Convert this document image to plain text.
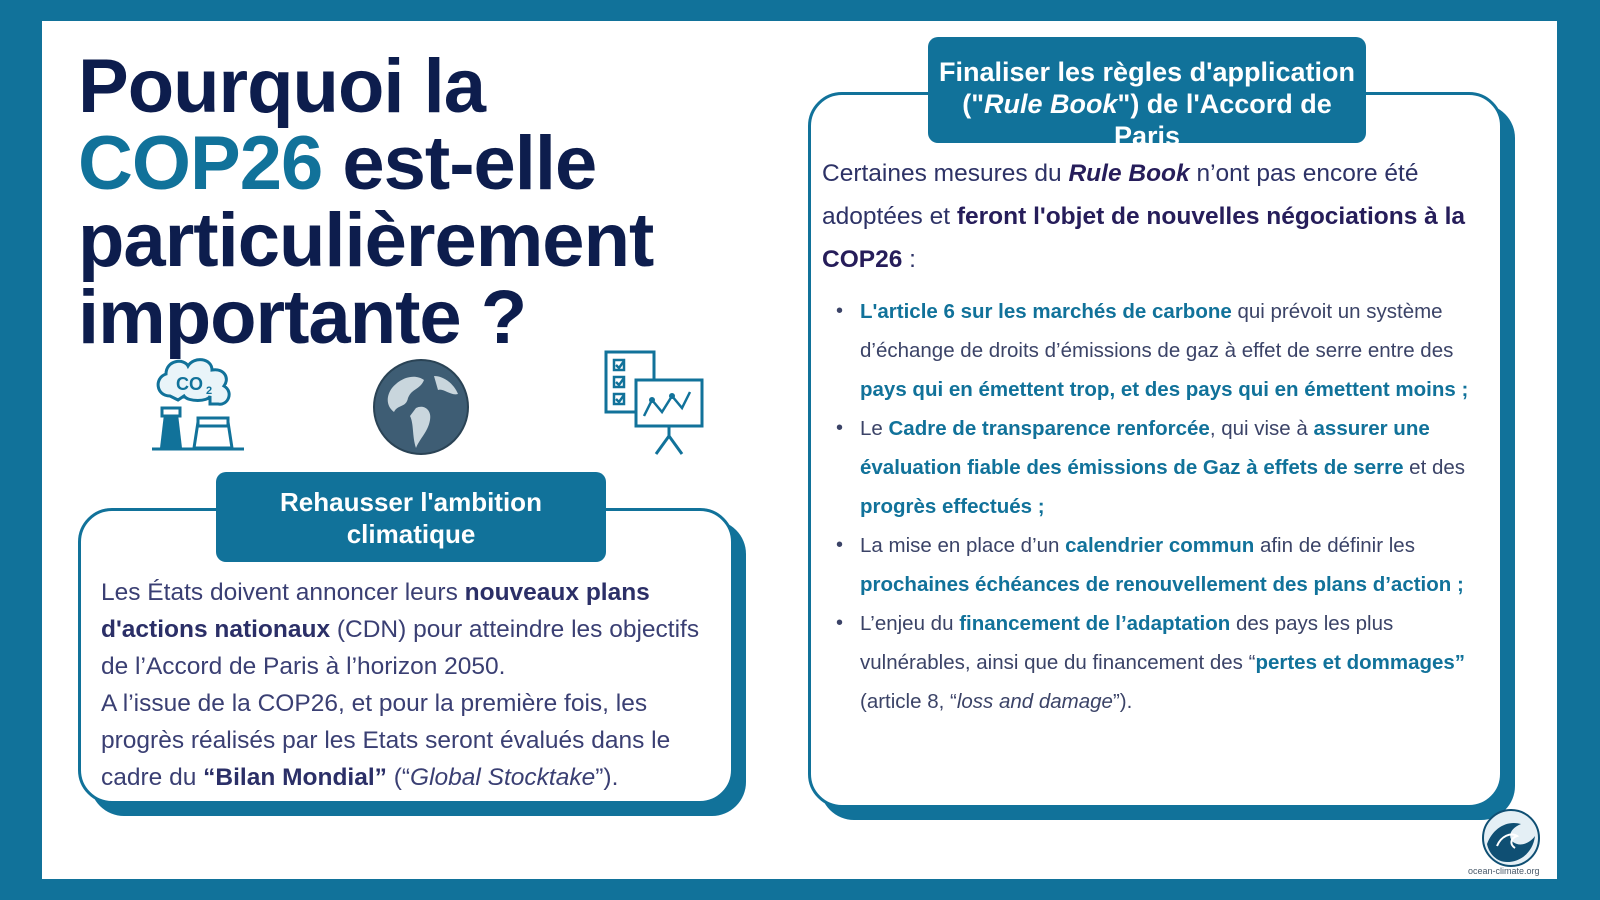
Pourquoi la
COP26 est-elle
particulièrement
importante ?
CO 2
Rehausser l'ambition climatique

Les États doivent annoncer leurs nouveaux plans d'actions nationaux (CDN) pour atteindre les objectifs de l’Accord de Paris à l’horizon 2050.

A l’issue de la COP26, et pour la première fois, les progrès réalisés par les Etats seront évalués dans le cadre du “Bilan Mondial” (“Global Stocktake”).

Finaliser les règles d'application
("Rule Book") de l'Accord de Paris

Certaines mesures du Rule Book n’ont pas encore été adoptées et feront l'objet de nouvelles négociations à la COP26 :

• L'article 6 sur les marchés de carbone qui prévoit un système d’échange de droits d’émissions de gaz à effet de serre entre des pays qui en émettent trop, et des pays qui en émettent moins ;
• Le Cadre de transparence renforcée, qui vise à assurer une évaluation fiable des émissions de Gaz à effets de serre et des progrès effectués ;
• La mise en place d’un calendrier commun afin de définir les prochaines échéances de renouvellement des plans d’action ;
• L’enjeu du financement de l’adaptation des pays les plus vulnérables, ainsi que du financement des “pertes et dommages” (article 8, “loss and damage”).
ocean-climate.org
